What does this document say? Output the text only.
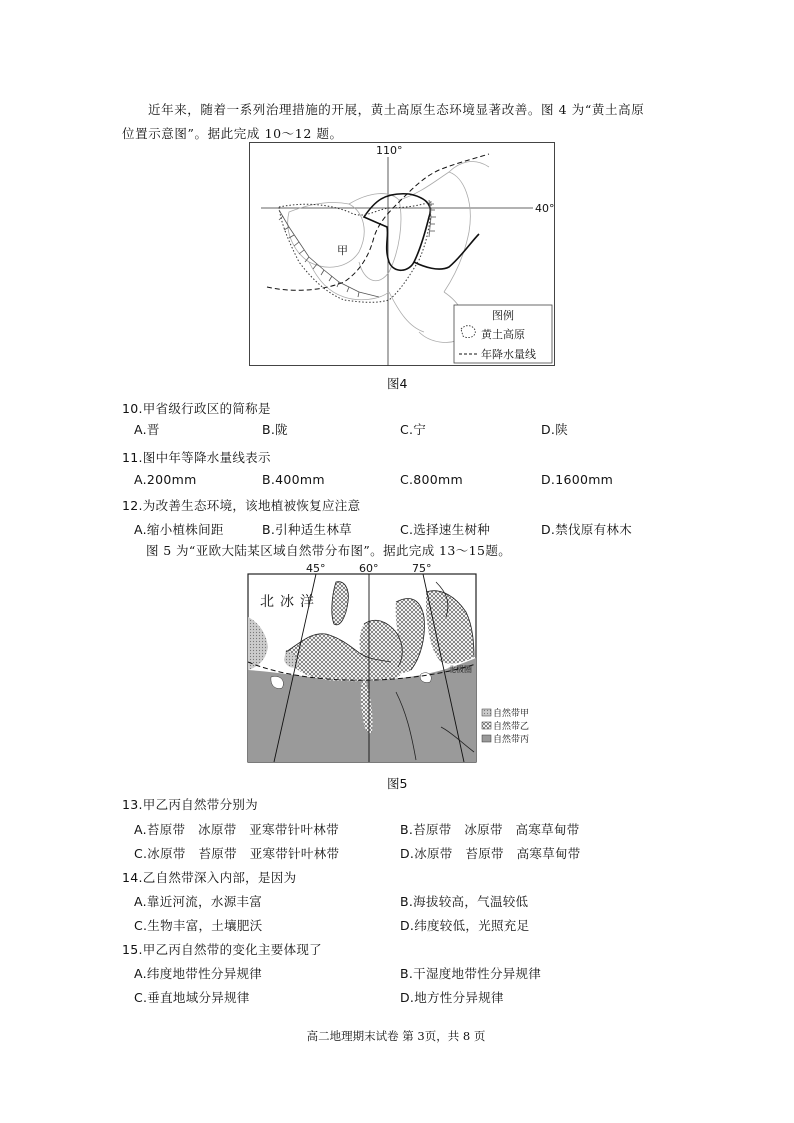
近年来，随着一系列治理措施的开展，黄土高原生态环境显著改善。图 4 为“黄土高原
位置示意图”。据此完成 10～12 题。
110°
40°
甲
图例
黄土高原
年降水量线
图4
10.甲省级行政区的简称是
A.晋	B.陇	C.宁	D.陕
11.图中年等降水量线表示
A.200mm	B.400mm	C.800mm	D.1600mm
12.为改善生态环境，该地植被恢复应注意
A.缩小植株间距	B.引种适生林草	C.选择速生树种	D.禁伐原有林木
图 5 为“亚欧大陆某区域自然带分布图”。据此完成 13～15题。
45°	60°	75°
北冰洋
北极圈
自然带甲
自然带乙
自然带丙
图5
13.甲乙丙自然带分别为
A.苔原带　冰原带　亚寒带针叶林带	B.苔原带　冰原带　高寒草甸带
C.冰原带　苔原带　亚寒带针叶林带	D.冰原带　苔原带　高寒草甸带
14.乙自然带深入内部，是因为
A.靠近河流，水源丰富	B.海拔较高，气温较低
C.生物丰富，土壤肥沃	D.纬度较低，光照充足
15.甲乙丙自然带的变化主要体现了
A.纬度地带性分异规律	B.干湿度地带性分异规律
C.垂直地域分异规律	D.地方性分异规律
高二地理期末试卷 第 3页，共 8 页
